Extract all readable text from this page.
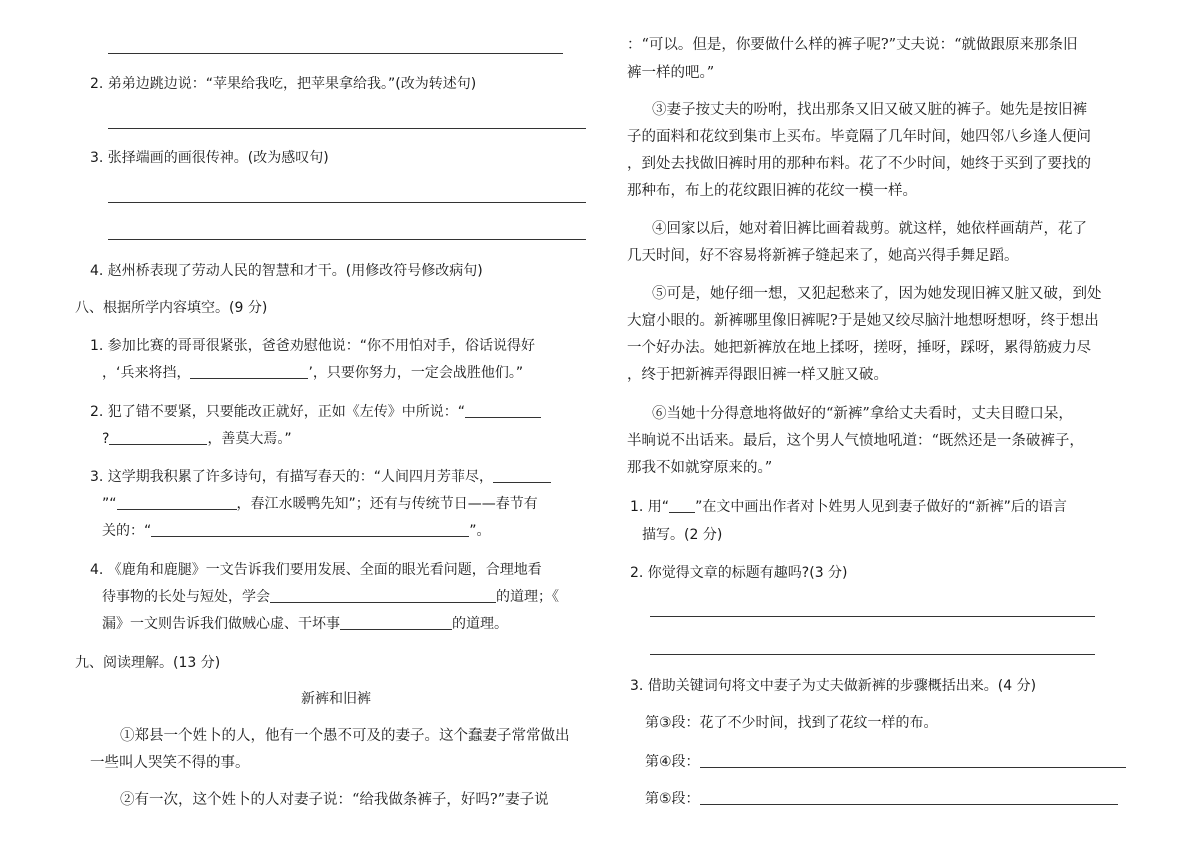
2. 弟弟边跳边说：“苹果给我吃，把苹果拿给我。”(改为转述句)
3. 张择端画的画很传神。(改为感叹句)
4. 赵州桥表现了劳动人民的智慧和才干。(用修改符号修改病句)
八、根据所学内容填空。(9 分)
1. 参加比赛的哥哥很紧张，爸爸劝慰他说：“你不用怕对手，俗话说得好
，‘兵来将挡，	’，只要你努力，一定会战胜他们。”
2. 犯了错不要紧，只要能改正就好，正如《左传》中所说：“
?	，善莫大焉。”
3. 这学期我积累了许多诗句，有描写春天的：“人间四月芳菲尽，
”“	，春江水暖鸭先知”；还有与传统节日——春节有
关的：“	”。
4. 《鹿角和鹿腿》一文告诉我们要用发展、全面的眼光看问题，合理地看
待事物的长处与短处，学会	的道理；《
漏》一文则告诉我们做贼心虚、干坏事	的道理。
九、阅读理解。(13 分)
新裤和旧裤
①郑县一个姓卜的人，他有一个愚不可及的妻子。这个蠢妻子常常做出
一些叫人哭笑不得的事。
②有一次，这个姓卜的人对妻子说：“给我做条裤子，好吗?”妻子说
：“可以。但是，你要做什么样的裤子呢?”丈夫说：“就做跟原来那条旧
裤一样的吧。”
③妻子按丈夫的吩咐，找出那条又旧又破又脏的裤子。她先是按旧裤
子的面料和花纹到集市上买布。毕竟隔了几年时间，她四邻八乡逢人便问
，到处去找做旧裤时用的那种布料。花了不少时间，她终于买到了要找的
那种布，布上的花纹跟旧裤的花纹一模一样。
④回家以后，她对着旧裤比画着裁剪。就这样，她依样画葫芦，花了
几天时间，好不容易将新裤子缝起来了，她高兴得手舞足蹈。
⑤可是，她仔细一想，又犯起愁来了，因为她发现旧裤又脏又破，到处
大窟小眼的。新裤哪里像旧裤呢?于是她又绞尽脑汁地想呀想呀，终于想出
一个好办法。她把新裤放在地上揉呀，搓呀，捶呀，踩呀，累得筋疲力尽
，终于把新裤弄得跟旧裤一样又脏又破。
⑥当她十分得意地将做好的“新裤”拿给丈夫看时，丈夫目瞪口呆，
半晌说不出话来。最后，这个男人气愤地吼道：“既然还是一条破裤子，
那我不如就穿原来的。”
1. 用“ ”在文中画出作者对卜姓男人见到妻子做好的“新裤”后的语言
描写。(2 分)
2. 你觉得文章的标题有趣吗?(3 分)
3. 借助关键词句将文中妻子为丈夫做新裤的步骤概括出来。(4 分)
第③段：花了不少时间，找到了花纹一样的布。
第④段：
第⑤段：
